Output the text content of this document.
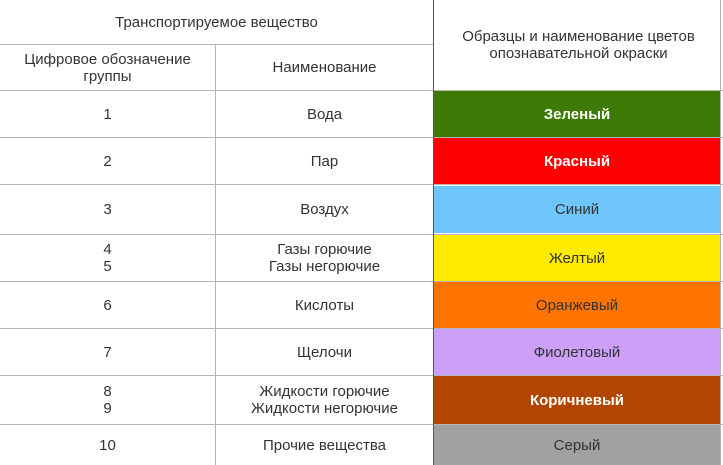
Транспортируемое вещество
Образцы и наименование цветов опознавательной окраски
Цифровое обозначение группы	Наименование
1
2
3
4
5
6
7
8
9
10
Вода
Пар
Воздух
Газы горючие
Газы негорючие
Кислоты
Щелочи
Жидкости горючие
Жидкости негорючие
Прочие вещества
Зеленый
Красный
Синий
Желтый
Оранжевый
Фиолетовый
Коричневый
Серый
